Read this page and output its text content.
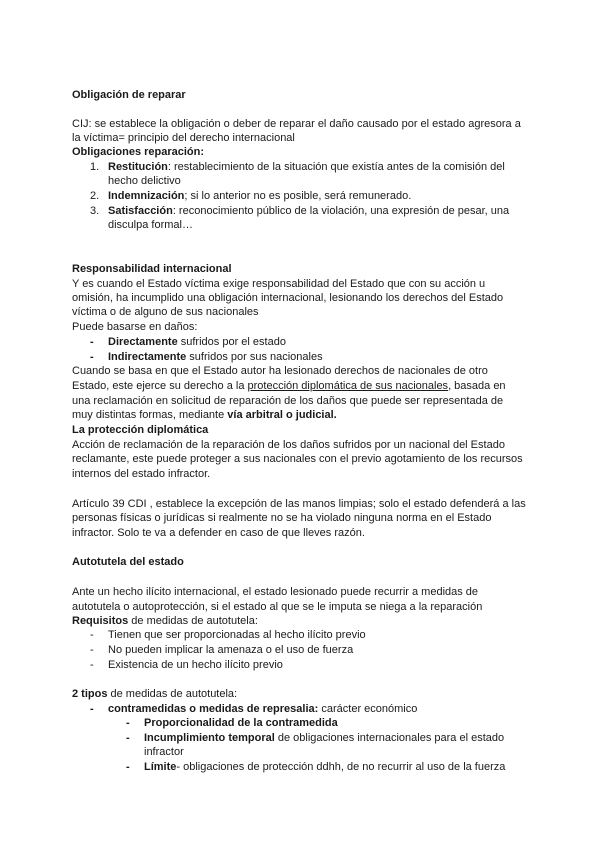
Obligación de reparar
CIJ: se establece la obligación o deber de reparar el daño causado por el estado agresora a
la víctima= principio del derecho internacional
Obligaciones reparación:
1. Restitución: restablecimiento de la situación que existía antes de la comisión del
hecho delictivo
2. Indemnización; si lo anterior no es posible, será remunerado.
3. Satisfacción: reconocimiento público de la violación, una expresión de pesar, una
disculpa formal…
Responsabilidad internacional
Y es cuando el Estado víctima exige responsabilidad del Estado que con su acción u
omisión, ha incumplido una obligación internacional, lesionando los derechos del Estado
víctima o de alguno de sus nacionales
Puede basarse en daños:
- Directamente sufridos por el estado
- Indirectamente sufridos por sus nacionales
Cuando se basa en que el Estado autor ha lesionado derechos de nacionales de otro
Estado, este ejerce su derecho a la protección diplomática de sus nacionales, basada en
una reclamación en solicitud de reparación de los daños que puede ser representada de
muy distintas formas, mediante vía arbitral o judicial.
La protección diplomática
Acción de reclamación de la reparación de los daños sufridos por un nacional del Estado
reclamante, este puede proteger a sus nacionales con el previo agotamiento de los recursos
internos del estado infractor.
Artículo 39 CDI , establece la excepción de las manos limpias; solo el estado defenderá a las
personas físicas o jurídicas si realmente no se ha violado ninguna norma en el Estado
infractor. Solo te va a defender en caso de que lleves razón.
Autotutela del estado
Ante un hecho ilícito internacional, el estado lesionado puede recurrir a medidas de
autotutela o autoprotección, si el estado al que se le imputa se niega a la reparación
Requisitos de medidas de autotutela:
- Tienen que ser proporcionadas al hecho ilícito previo
- No pueden implicar la amenaza o el uso de fuerza
- Existencia de un hecho ilícito previo
2 tipos de medidas de autotutela:
- contramedidas o medidas de represalia: carácter económico
- Proporcionalidad de la contramedida
- Incumplimiento temporal de obligaciones internacionales para el estado
infractor
- Límite- obligaciones de protección ddhh, de no recurrir al uso de la fuerza
